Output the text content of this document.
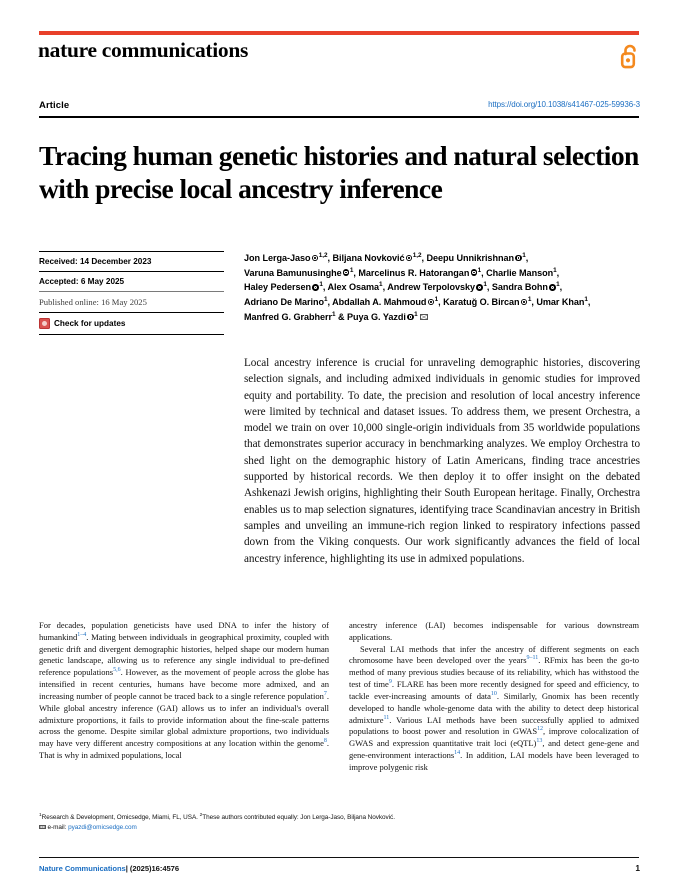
nature communications
Article	https://doi.org/10.1038/s41467-025-59936-3
Tracing human genetic histories and natural selection with precise local ancestry inference
Received: 14 December 2023
Accepted: 6 May 2025
Published online: 16 May 2025
Check for updates
Jon Lerga-Jaso $^{1,2}$, Biljana Novković $^{1,2}$, Deepu Unnikrishnan $^1$,
Varuna Bamunusinghe $^1$, Marcelinus R. Hatorangan $^1$, Charlie Manson$^1$,
Haley Pedersen $^1$, Alex Osama$^1$, Andrew Terpolovsky $^1$, Sandra Bohn $^1$,
Adriano De Marino$^1$, Abdallah A. Mahmoud $^1$, Karatuğ O. Bircan $^1$, Umar Khan$^1$,
Manfred G. Grabherr$^1$ & Puya G. Yazdi $^1$
Local ancestry inference is crucial for unraveling demographic histories, discovering selection signals, and including admixed individuals in genomic studies for improved equity and portability. To date, the precision and resolution of local ancestry inference were limited by technical and dataset issues. To address them, we present Orchestra, a model we train on over 10,000 single-origin individuals from 35 worldwide populations that demonstrates superior accuracy in benchmarking analyzes. We employ Orchestra to shed light on the demographic history of Latin Americans, finding trace ancestries supported by historical records. We then deploy it to offer insight on the debated Ashkenazi Jewish origins, highlighting their South European heritage. Finally, Orchestra enables us to map selection signatures, identifying trace Scandinavian ancestry in British samples and unveiling an immune-rich region linked to respiratory infections passed down from the Viking conquests. Our work significantly advances the field of local ancestry inference, highlighting its use in admixed populations.

For decades, population geneticists have used DNA to infer the history of humankind$^{1-4}$. Mating between individuals in geographical proximity, coupled with genetic drift and divergent demographic histories, helped shape our modern human genetic landscape, allowing us to reference any single individual to pre-defined reference populations$^{5,6}$. However, as the movement of people across the globe has intensified in recent centuries, humans have become more admixed, and an increasing number of people cannot be traced back to a single reference population$^7$. While global ancestry inference (GAI) allows us to infer an individual's overall admixture proportions, it fails to provide information about the fine-scale patterns across the genome. Despite similar global admixture proportions, two individuals may have very different ancestry compositions at any location within the genome$^8$. That is why in admixed populations, local

ancestry inference (LAI) becomes indispensable for various downstream applications.

Several LAI methods that infer the ancestry of different segments on each chromosome have been developed over the years$^{9-11}$. RFmix has been the go-to method of many previous studies because of its reliability, which has withstood the test of time$^9$. FLARE has been more recently designed for speed and efficiency, to tackle ever-increasing amounts of data$^{10}$. Similarly, Gnomix has been recently developed to handle whole-genome data with the ability to detect deep historical admixture$^{11}$. Various LAI methods have been successfully applied to admixed populations to boost power and resolution in GWAS$^{12}$, improve colocalization of GWAS and expression quantitative trait loci (eQTL)$^{13}$, and detect gene-gene and gene-environment interactions$^{14}$. In addition, LAI models have been leveraged to improve polygenic risk

$^1$Research & Development, Omicsedge, Miami, FL, USA. $^2$These authors contributed equally: Jon Lerga-Jaso, Biljana Novković.
e-mail: pyazdi@omicsedge.com
Nature Communications| (2025)16:4576	1
